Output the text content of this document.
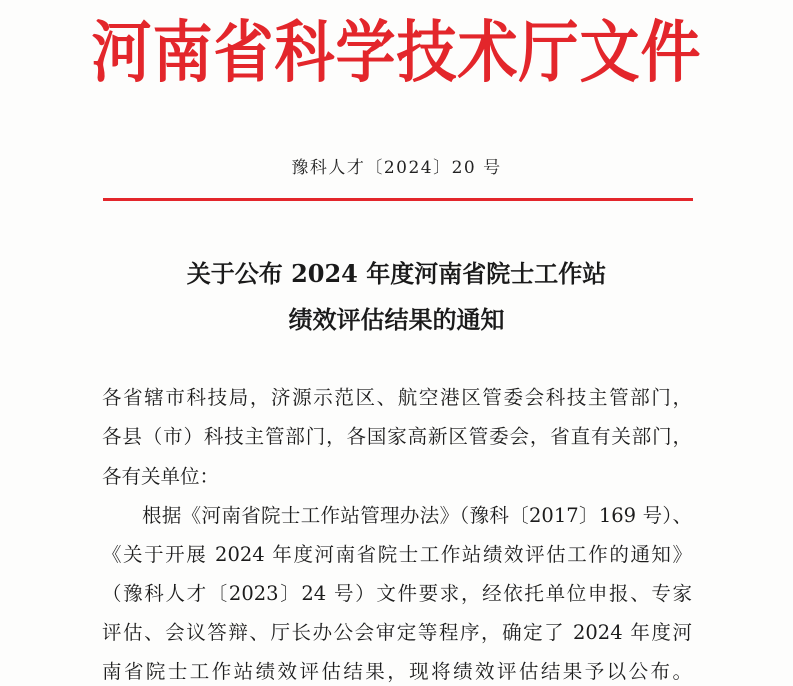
河南省科学技术厅文件
豫科人才〔2024〕20 号
关于公布 2024 年度河南省院士工作站
绩效评估结果的通知
各省辖市科技局，济源示范区、航空港区管委会科技主管部门，
各县（市）科技主管部门，各国家高新区管委会，省直有关部门，
各有关单位：
根据《河南省院士工作站管理办法》（豫科〔2017〕169 号）、
《关于开展 2024 年度河南省院士工作站绩效评估工作的通知》
（豫科人才〔2023〕24 号）文件要求，经依托单位申报、专家
评估、会议答辩、厅长办公会审定等程序，确定了 2024 年度河
南省院士工作站绩效评估结果，现将绩效评估结果予以公布。
